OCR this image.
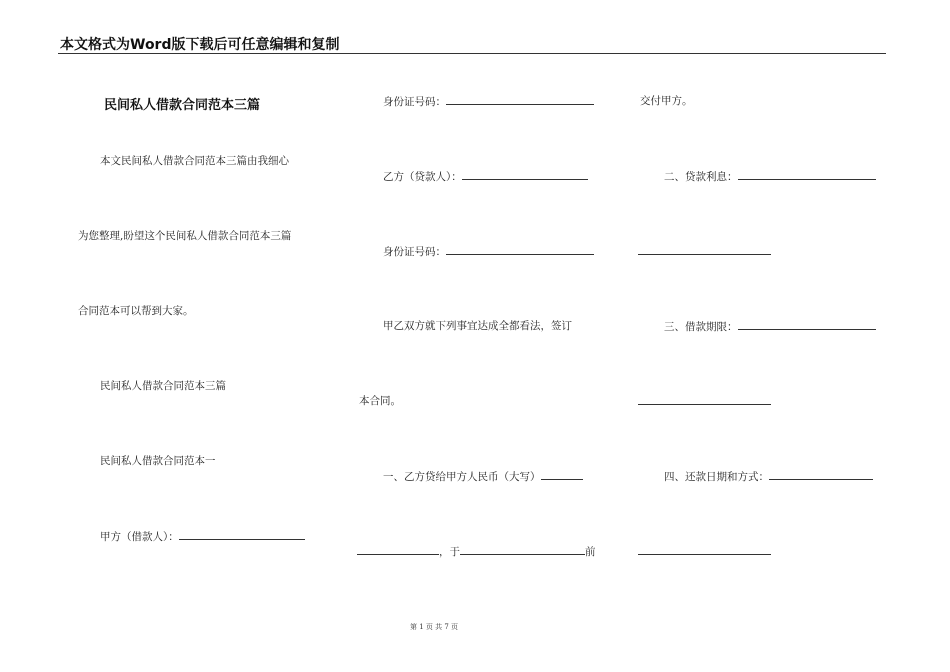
本文格式为Word版下载后可任意编辑和复制
民间私人借款合同范本三篇
本文民间私人借款合同范本三篇由我细心
为您整理,盼望这个民间私人借款合同范本三篇
合同范本可以帮到大家。
民间私人借款合同范本三篇
民间私人借款合同范本一
甲方（借款人）：
身份证号码：
乙方（贷款人）：
身份证号码：
甲乙双方就下列事宜达成全都看法，签订
本合同。
一、乙方贷给甲方人民币（大写）
，于	前
交付甲方。
二、贷款利息：
三、借款期限：
四、还款日期和方式：
第 1 页 共 7 页
